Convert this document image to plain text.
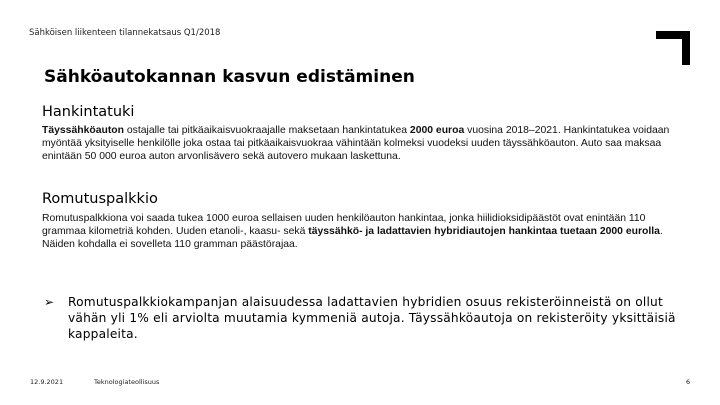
Sähköisen liikenteen tilannekatsaus Q1/2018
Sähköautokannan kasvun edistäminen
Hankintatuki
Täyssähköauton ostajalle tai pitkäaikaisvuokraajalle maksetaan hankintatukea 2000 euroa vuosina 2018–2021. Hankintatukea voidaan myöntää yksityiselle henkilölle joka ostaa tai pitkäaikaisvuokraa vähintään kolmeksi vuodeksi uuden täyssähköauton. Auto saa maksaa enintään 50 000 euroa auton arvonlisävero sekä autovero mukaan laskettuna.
Romutuspalkkio
Romutuspalkkiona voi saada tukea 1000 euroa sellaisen uuden henkilöauton hankintaa, jonka hiilidioksidipäästöt ovat enintään 110 grammaa kilometriä kohden. Uuden etanoli-, kaasu- sekä täyssähkö- ja ladattavien hybridiautojen hankintaa tuetaan 2000 eurolla. Näiden kohdalla ei sovelleta 110 gramman päästörajaa.
➢	Romutuspalkkiokampanjan alaisuudessa ladattavien hybridien osuus rekisteröinneistä on ollut vähän yli 1% eli arviolta muutamia kymmeniä autoja. Täyssähköautoja on rekisteröity yksittäisiä kappaleita.
12.9.2021	Teknologiateollisuus	6
